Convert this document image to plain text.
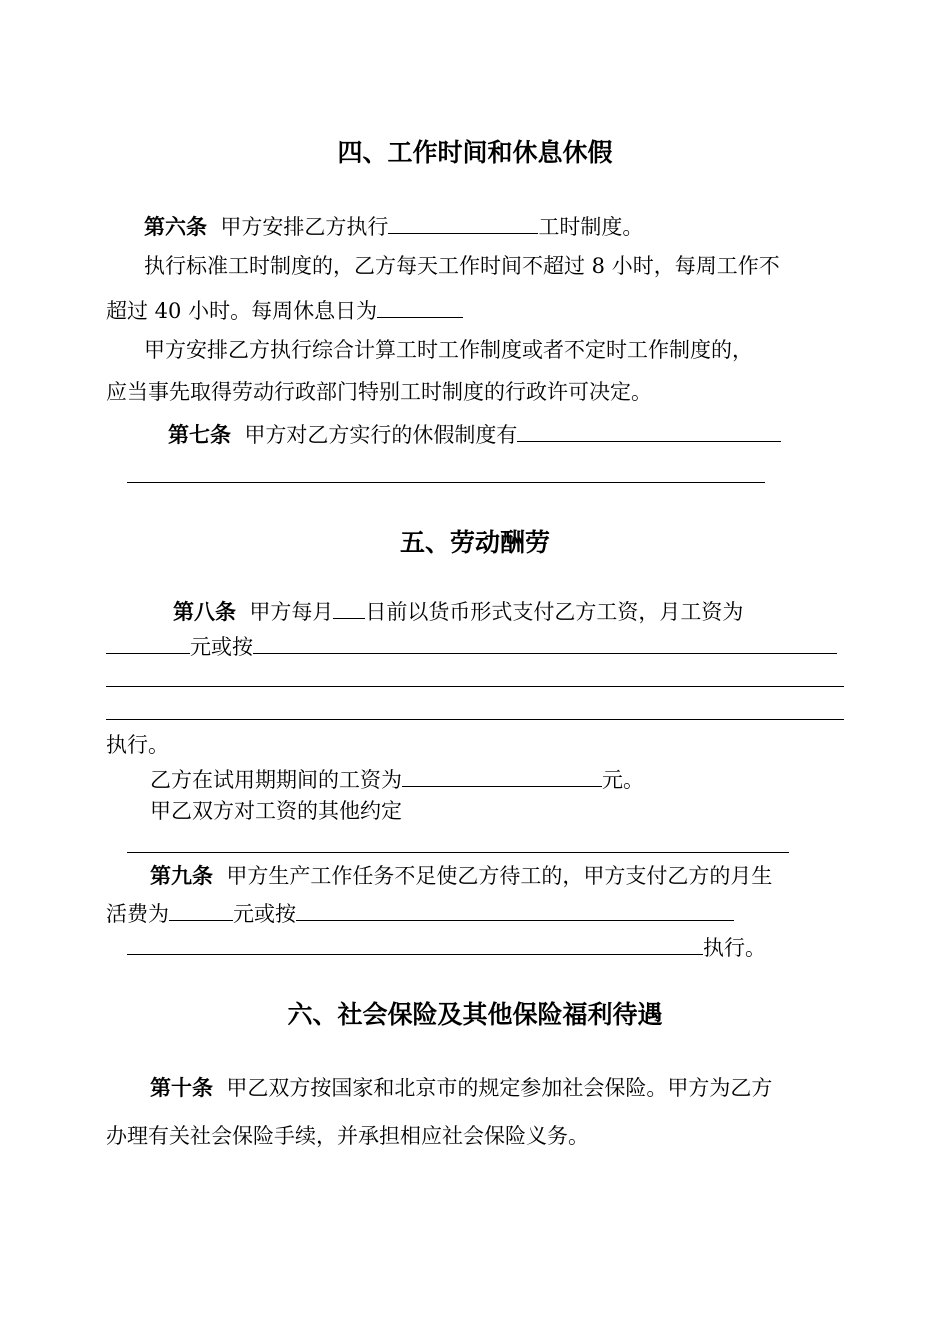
四、工作时间和休息休假
第六条 甲方安排乙方执行	工时制度。
执行标准工时制度的，乙方每天工作时间不超过 8 小时，每周工作不
超过 40 小时。每周休息日为
甲方安排乙方执行综合计算工时工作制度或者不定时工作制度的，
应当事先取得劳动行政部门特别工时制度的行政许可决定。
第七条 甲方对乙方实行的休假制度有
五、劳动酬劳
第八条 甲方每月 日前以货币形式支付乙方工资，月工资为
元或按
执行。
乙方在试用期期间的工资为	元。
甲乙双方对工资的其他约定
第九条 甲方生产工作任务不足使乙方待工的，甲方支付乙方的月生
活费为	元或按
执行。
六、社会保险及其他保险福利待遇
第十条 甲乙双方按国家和北京市的规定参加社会保险。甲方为乙方
办理有关社会保险手续，并承担相应社会保险义务。
